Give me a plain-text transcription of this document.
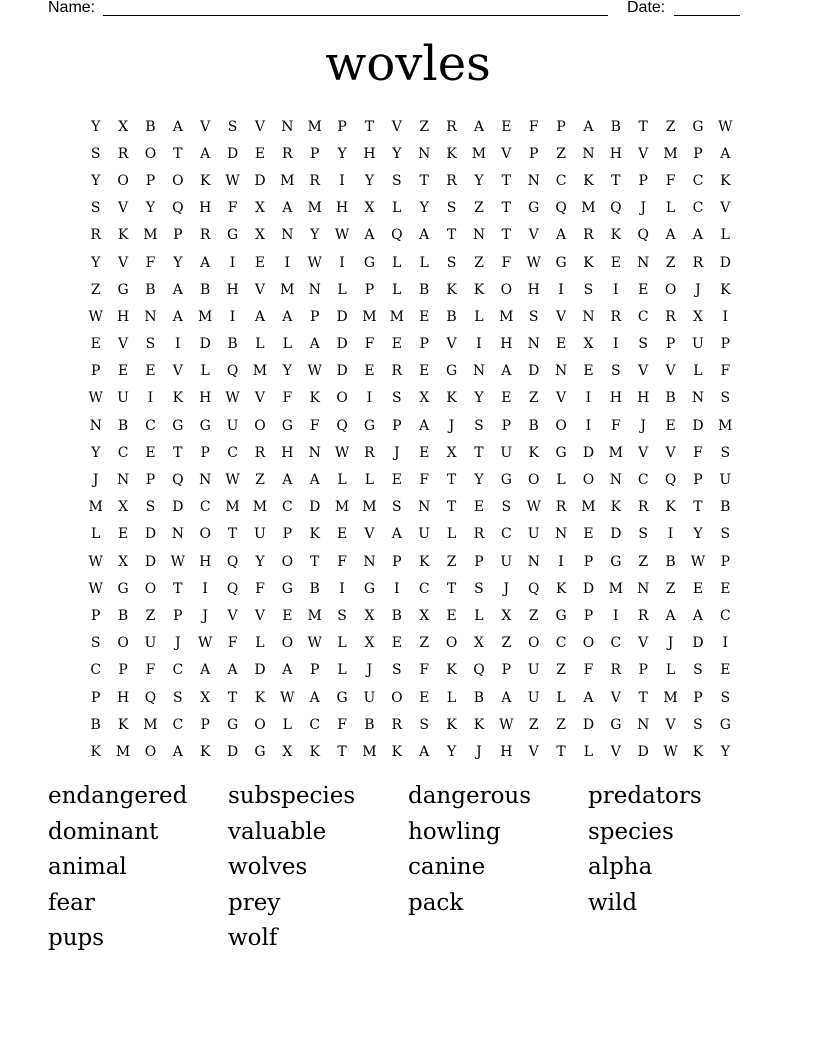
Name:	Date:
wovles
Y	X	B	A	V	S	V	N	M	P	T	V	Z	R	A	E	F	P	A	B	T	Z	G	W
S	R	O	T	A	D	E	R	P	Y	H	Y	N	K	M	V	P	Z	N	H	V	M	P	A
Y	O	P	O	K	W	D	M	R	I	Y	S	T	R	Y	T	N	C	K	T	P	F	C	K
S	V	Y	Q	H	F	X	A	M	H	X	L	Y	S	Z	T	G	Q	M	Q	J	L	C	V
R	K	M	P	R	G	X	N	Y	W	A	Q	A	T	N	T	V	A	R	K	Q	A	A	L
Y	V	F	Y	A	I	E	I	W	I	G	L	L	S	Z	F	W	G	K	E	N	Z	R	D
Z	G	B	A	B	H	V	M	N	L	P	L	B	K	K	O	H	I	S	I	E	O	J	K
W	H	N	A	M	I	A	A	P	D	M M	E	B	L	M	S	V	N	R	C	R	X	I
E	V	S	I	D	B	L	L	A	D	F	E	P	V	I	H	N	E	X	I	S	P	U	P
P	E	E	V	L	Q	M	Y	W	D	E	R	E	G	N	A	D	N	E	S	V	V	L	F
W	U	I	K	H	W	V	F	K	O	I	S	X	K	Y	E	Z	V	I	H	H	B	N	S
N	B	C	G	G	U	O	G	F	Q	G	P	A	J	S	P	B	O	I	F	J	E	D	M
Y	C	E	T	P	C	R	H	N	W	R	J	E	X	T	U	K	G	D	M	V	V	F	S
J	N	P	Q	N	W	Z	A	A	L	L	E	F	T	Y	G	O	L	O	N	C	Q	P	U
M	X	S	D	C	M M	C	D	M M	S	N	T	E	S	W	R	M	K	R	K	T	B
L	E	D	N	O	T	U	P	K	E	V	A	U	L	R	C	U	N	E	D	S	I	Y	S
W	X	D	W	H	Q	Y	O	T	F	N	P	K	Z	P	U	N	I	P	G	Z	B	W	P
W	G	O	T	I	Q	F	G	B	I	G	I	C	T	S	J	Q	K	D	M	N	Z	E	E
P	B	Z	P	J	V	V	E	M	S	X	B	X	E	L	X	Z	G	P	I	R	A	A	C
S	O	U	J	W	F	L	O	W	L	X	E	Z	O	X	Z	O	C	O	C	V	J	D	I
C	P	F	C	A	A	D	A	P	L	J	S	F	K	Q	P	U	Z	F	R	P	L	S	E
P	H	Q	S	X	T	K	W	A	G	U	O	E	L	B	A	U	L	A	V	T	M	P	S
B	K	M	C	P	G	O	L	C	F	B	R	S	K	K	W	Z	Z	D	G	N	V	S	G
K	M	O	A	K	D	G	X	K	T	M	K	A	Y	J	H	V	T	L	V	D	W	K	Y
endangered	subspecies	dangerous	predators
dominant	valuable	howling	species
animal	wolves	canine	alpha
fear	prey	pack	wild
pups	wolf
